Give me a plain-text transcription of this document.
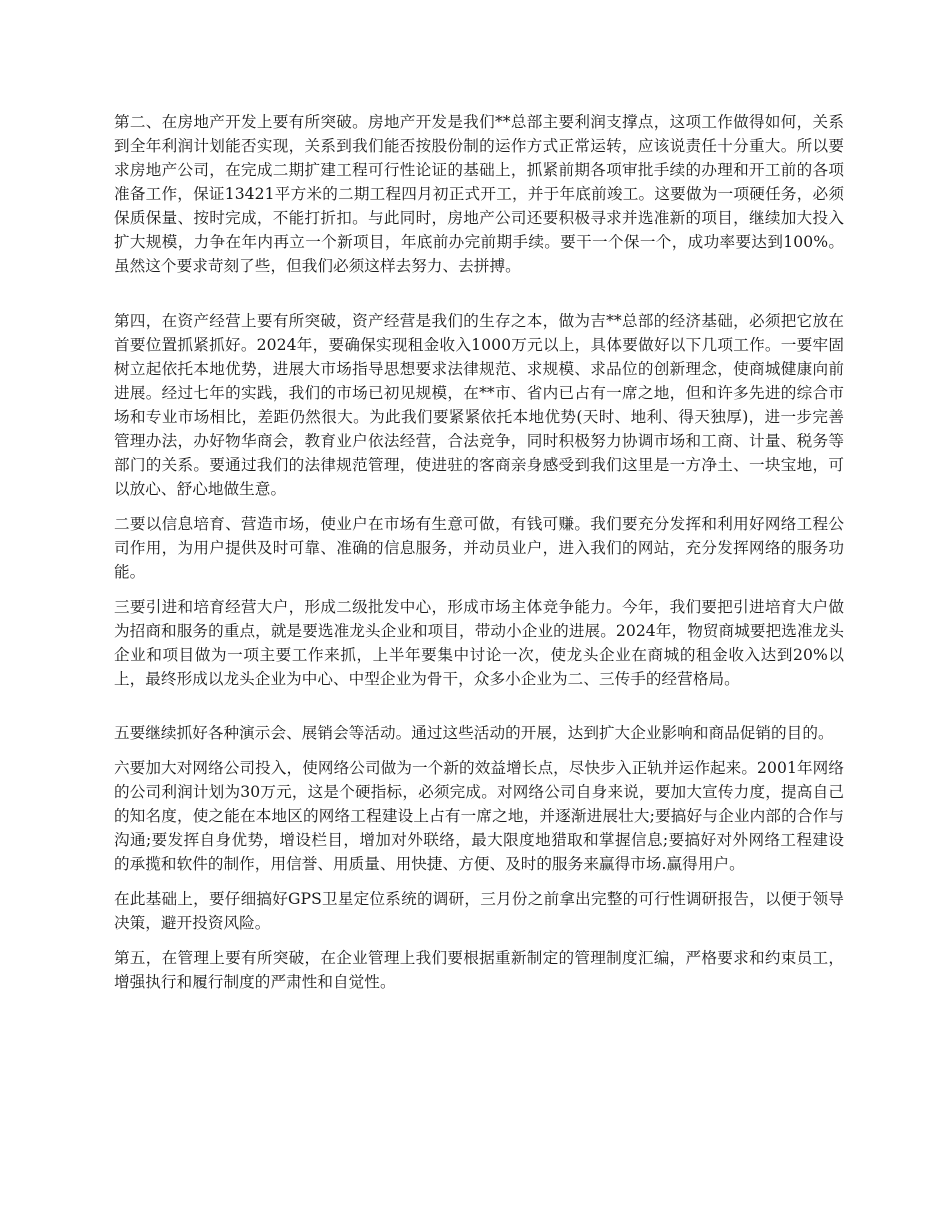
第二、在房地产开发上要有所突破。房地产开发是我们**总部主要利润支撑点，这项工作做得如何，关系到全年利润计划能否实现，关系到我们能否按股份制的运作方式正常运转，应该说责任十分重大。所以要求房地产公司，在完成二期扩建工程可行性论证的基础上，抓紧前期各项审批手续的办理和开工前的各项准备工作，保证13421平方米的二期工程四月初正式开工，并于年底前竣工。这要做为一项硬任务，必须保质保量、按时完成，不能打折扣。与此同时，房地产公司还要积极寻求并选准新的项目，继续加大投入扩大规模，力争在年内再立一个新项目，年底前办完前期手续。要干一个保一个，成功率要达到100%。虽然这个要求苛刻了些，但我们必须这样去努力、去拼搏。

第四，在资产经营上要有所突破，资产经营是我们的生存之本，做为吉**总部的经济基础，必须把它放在首要位置抓紧抓好。2024年，要确保实现租金收入1000万元以上，具体要做好以下几项工作。一要牢固树立起依托本地优势，进展大市场指导思想要求法律规范、求规模、求品位的创新理念，使商城健康向前进展。经过七年的实践，我们的市场已初见规模，在**市、省内已占有一席之地，但和许多先进的综合市场和专业市场相比，差距仍然很大。为此我们要紧紧依托本地优势(天时、地利、得天独厚)，进一步完善管理办法，办好物华商会，教育业户依法经营，合法竞争，同时积极努力协调市场和工商、计量、税务等部门的关系。要通过我们的法律规范管理，使进驻的客商亲身感受到我们这里是一方净土、一块宝地，可以放心、舒心地做生意。

二要以信息培育、营造市场，使业户在市场有生意可做，有钱可赚。我们要充分发挥和利用好网络工程公司作用，为用户提供及时可靠、准确的信息服务，并动员业户，进入我们的网站，充分发挥网络的服务功能。

三要引进和培育经营大户，形成二级批发中心，形成市场主体竞争能力。今年，我们要把引进培育大户做为招商和服务的重点，就是要选准龙头企业和项目，带动小企业的进展。2024年，物贸商城要把选准龙头企业和项目做为一项主要工作来抓，上半年要集中讨论一次，使龙头企业在商城的租金收入达到20%以上，最终形成以龙头企业为中心、中型企业为骨干，众多小企业为二、三传手的经营格局。

五要继续抓好各种演示会、展销会等活动。通过这些活动的开展，达到扩大企业影响和商品促销的目的。

六要加大对网络公司投入，使网络公司做为一个新的效益增长点，尽快步入正轨并运作起来。2001年网络的公司利润计划为30万元，这是个硬指标，必须完成。对网络公司自身来说，要加大宣传力度，提高自己的知名度，使之能在本地区的网络工程建设上占有一席之地，并逐渐进展壮大;要搞好与企业内部的合作与沟通;要发挥自身优势，增设栏目，增加对外联络，最大限度地猎取和掌握信息;要搞好对外网络工程建设的承揽和软件的制作，用信誉、用质量、用快捷、方便、及时的服务来赢得市场.赢得用户。

在此基础上，要仔细搞好GPS卫星定位系统的调研，三月份之前拿出完整的可行性调研报告，以便于领导决策，避开投资风险。

第五，在管理上要有所突破，在企业管理上我们要根据重新制定的管理制度汇编，严格要求和约束员工，增强执行和履行制度的严肃性和自觉性。
